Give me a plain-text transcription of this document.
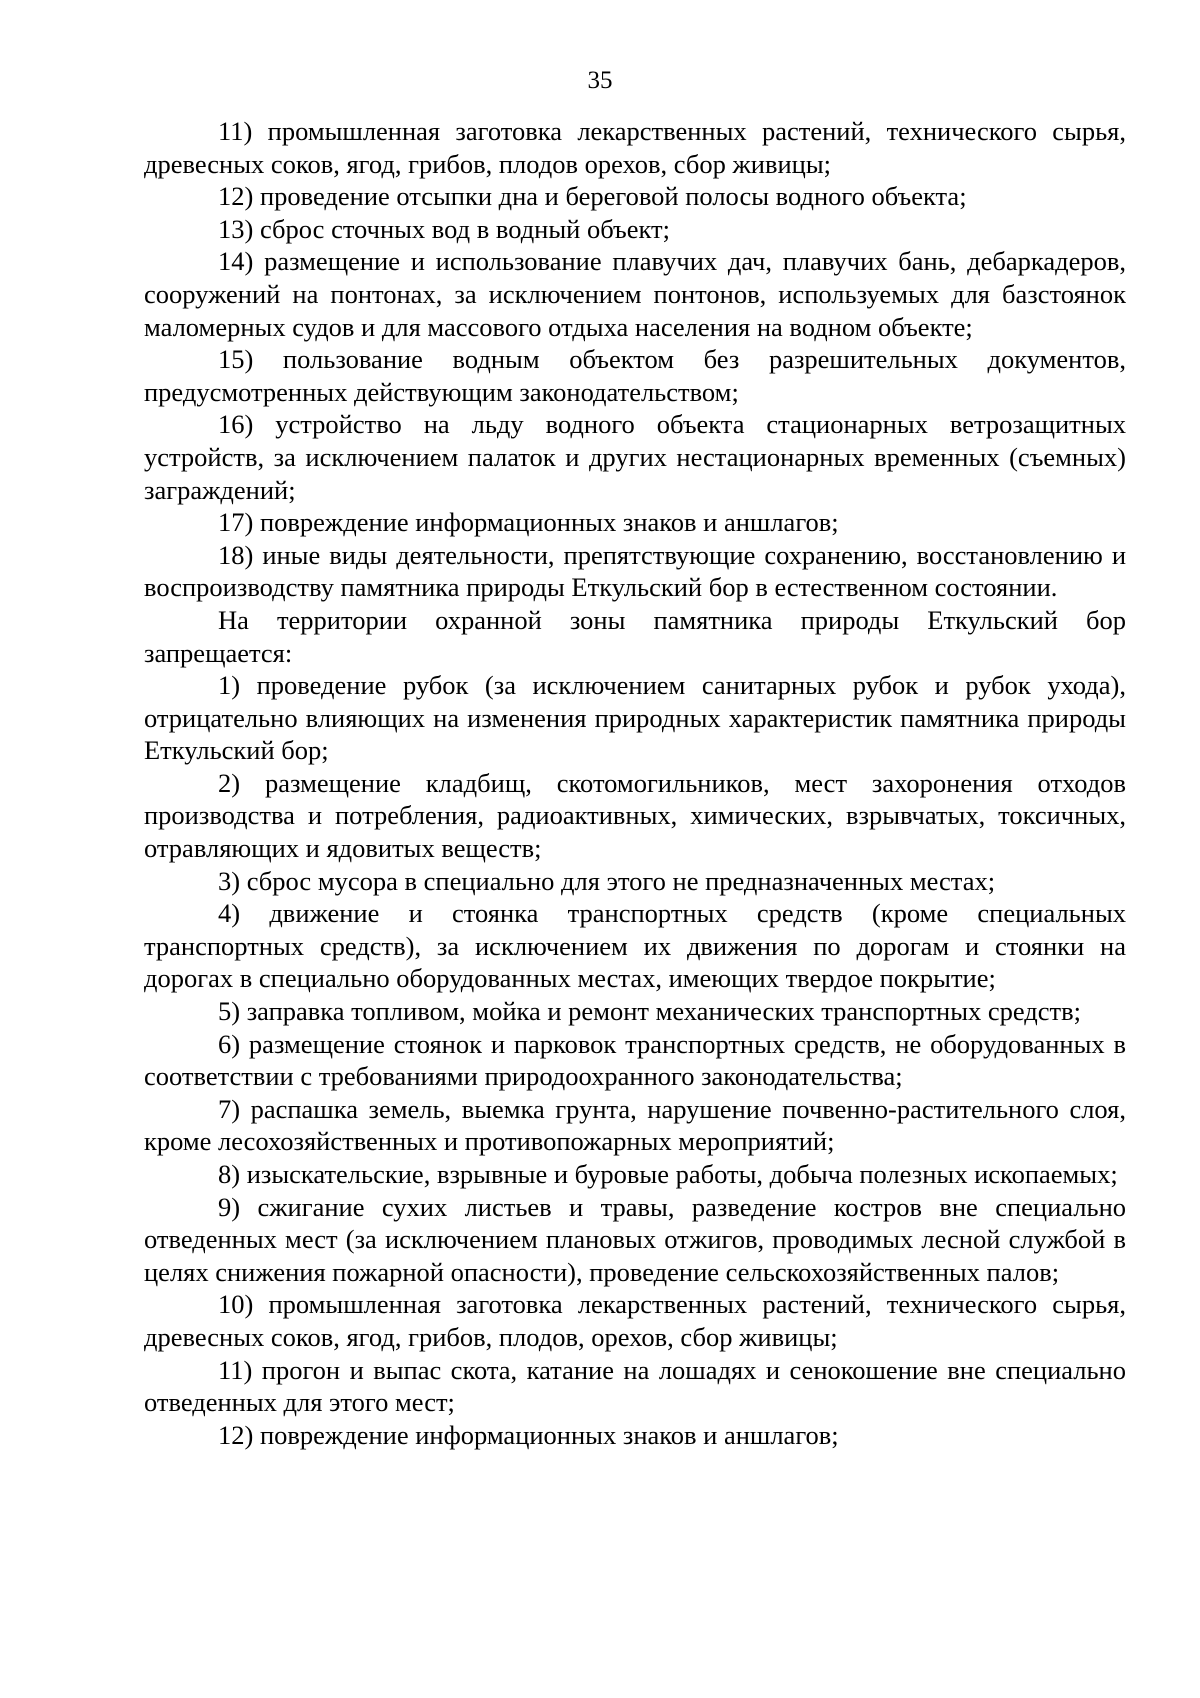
35

11) промышленная заготовка лекарственных растений, технического сырья, древесных соков, ягод, грибов, плодов орехов, сбор живицы;

12) проведение отсыпки дна и береговой полосы водного объекта;

13) сброс сточных вод в водный объект;

14) размещение и использование плавучих дач, плавучих бань, дебаркадеров, сооружений на понтонах, за исключением понтонов, используемых для базстоянок маломерных судов и для массового отдыха населения на водном объекте;

15) пользование водным объектом без разрешительных документов, предусмотренных действующим законодательством;

16) устройство на льду водного объекта стационарных ветрозащитных устройств, за исключением палаток и других нестационарных временных (съемных) заграждений;

17) повреждение информационных знаков и аншлагов;

18) иные виды деятельности, препятствующие сохранению, восстановлению и воспроизводству памятника природы Еткульский бор в естественном состоянии.

На территории охранной зоны памятника природы Еткульский бор запрещается:

1) проведение рубок (за исключением санитарных рубок и рубок ухода), отрицательно влияющих на изменения природных характеристик памятника природы Еткульский бор;

2) размещение кладбищ, скотомогильников, мест захоронения отходов производства и потребления, радиоактивных, химических, взрывчатых, токсичных, отравляющих и ядовитых веществ;

3) сброс мусора в специально для этого не предназначенных местах;

4) движение и стоянка транспортных средств (кроме специальных транспортных средств), за исключением их движения по дорогам и стоянки на дорогах в специально оборудованных местах, имеющих твердое покрытие;

5) заправка топливом, мойка и ремонт механических транспортных средств;

6) размещение стоянок и парковок транспортных средств, не оборудованных в соответствии с требованиями природоохранного законодательства;

7) распашка земель, выемка грунта, нарушение почвенно-растительного слоя, кроме лесохозяйственных и противопожарных мероприятий;

8) изыскательские, взрывные и буровые работы, добыча полезных ископаемых;

9) сжигание сухих листьев и травы, разведение костров вне специально отведенных мест (за исключением плановых отжигов, проводимых лесной службой в целях снижения пожарной опасности), проведение сельскохозяйственных палов;

10) промышленная заготовка лекарственных растений, технического сырья, древесных соков, ягод, грибов, плодов, орехов, сбор живицы;

11) прогон и выпас скота, катание на лошадях и сенокошение вне специально отведенных для этого мест;

12) повреждение информационных знаков и аншлагов;
